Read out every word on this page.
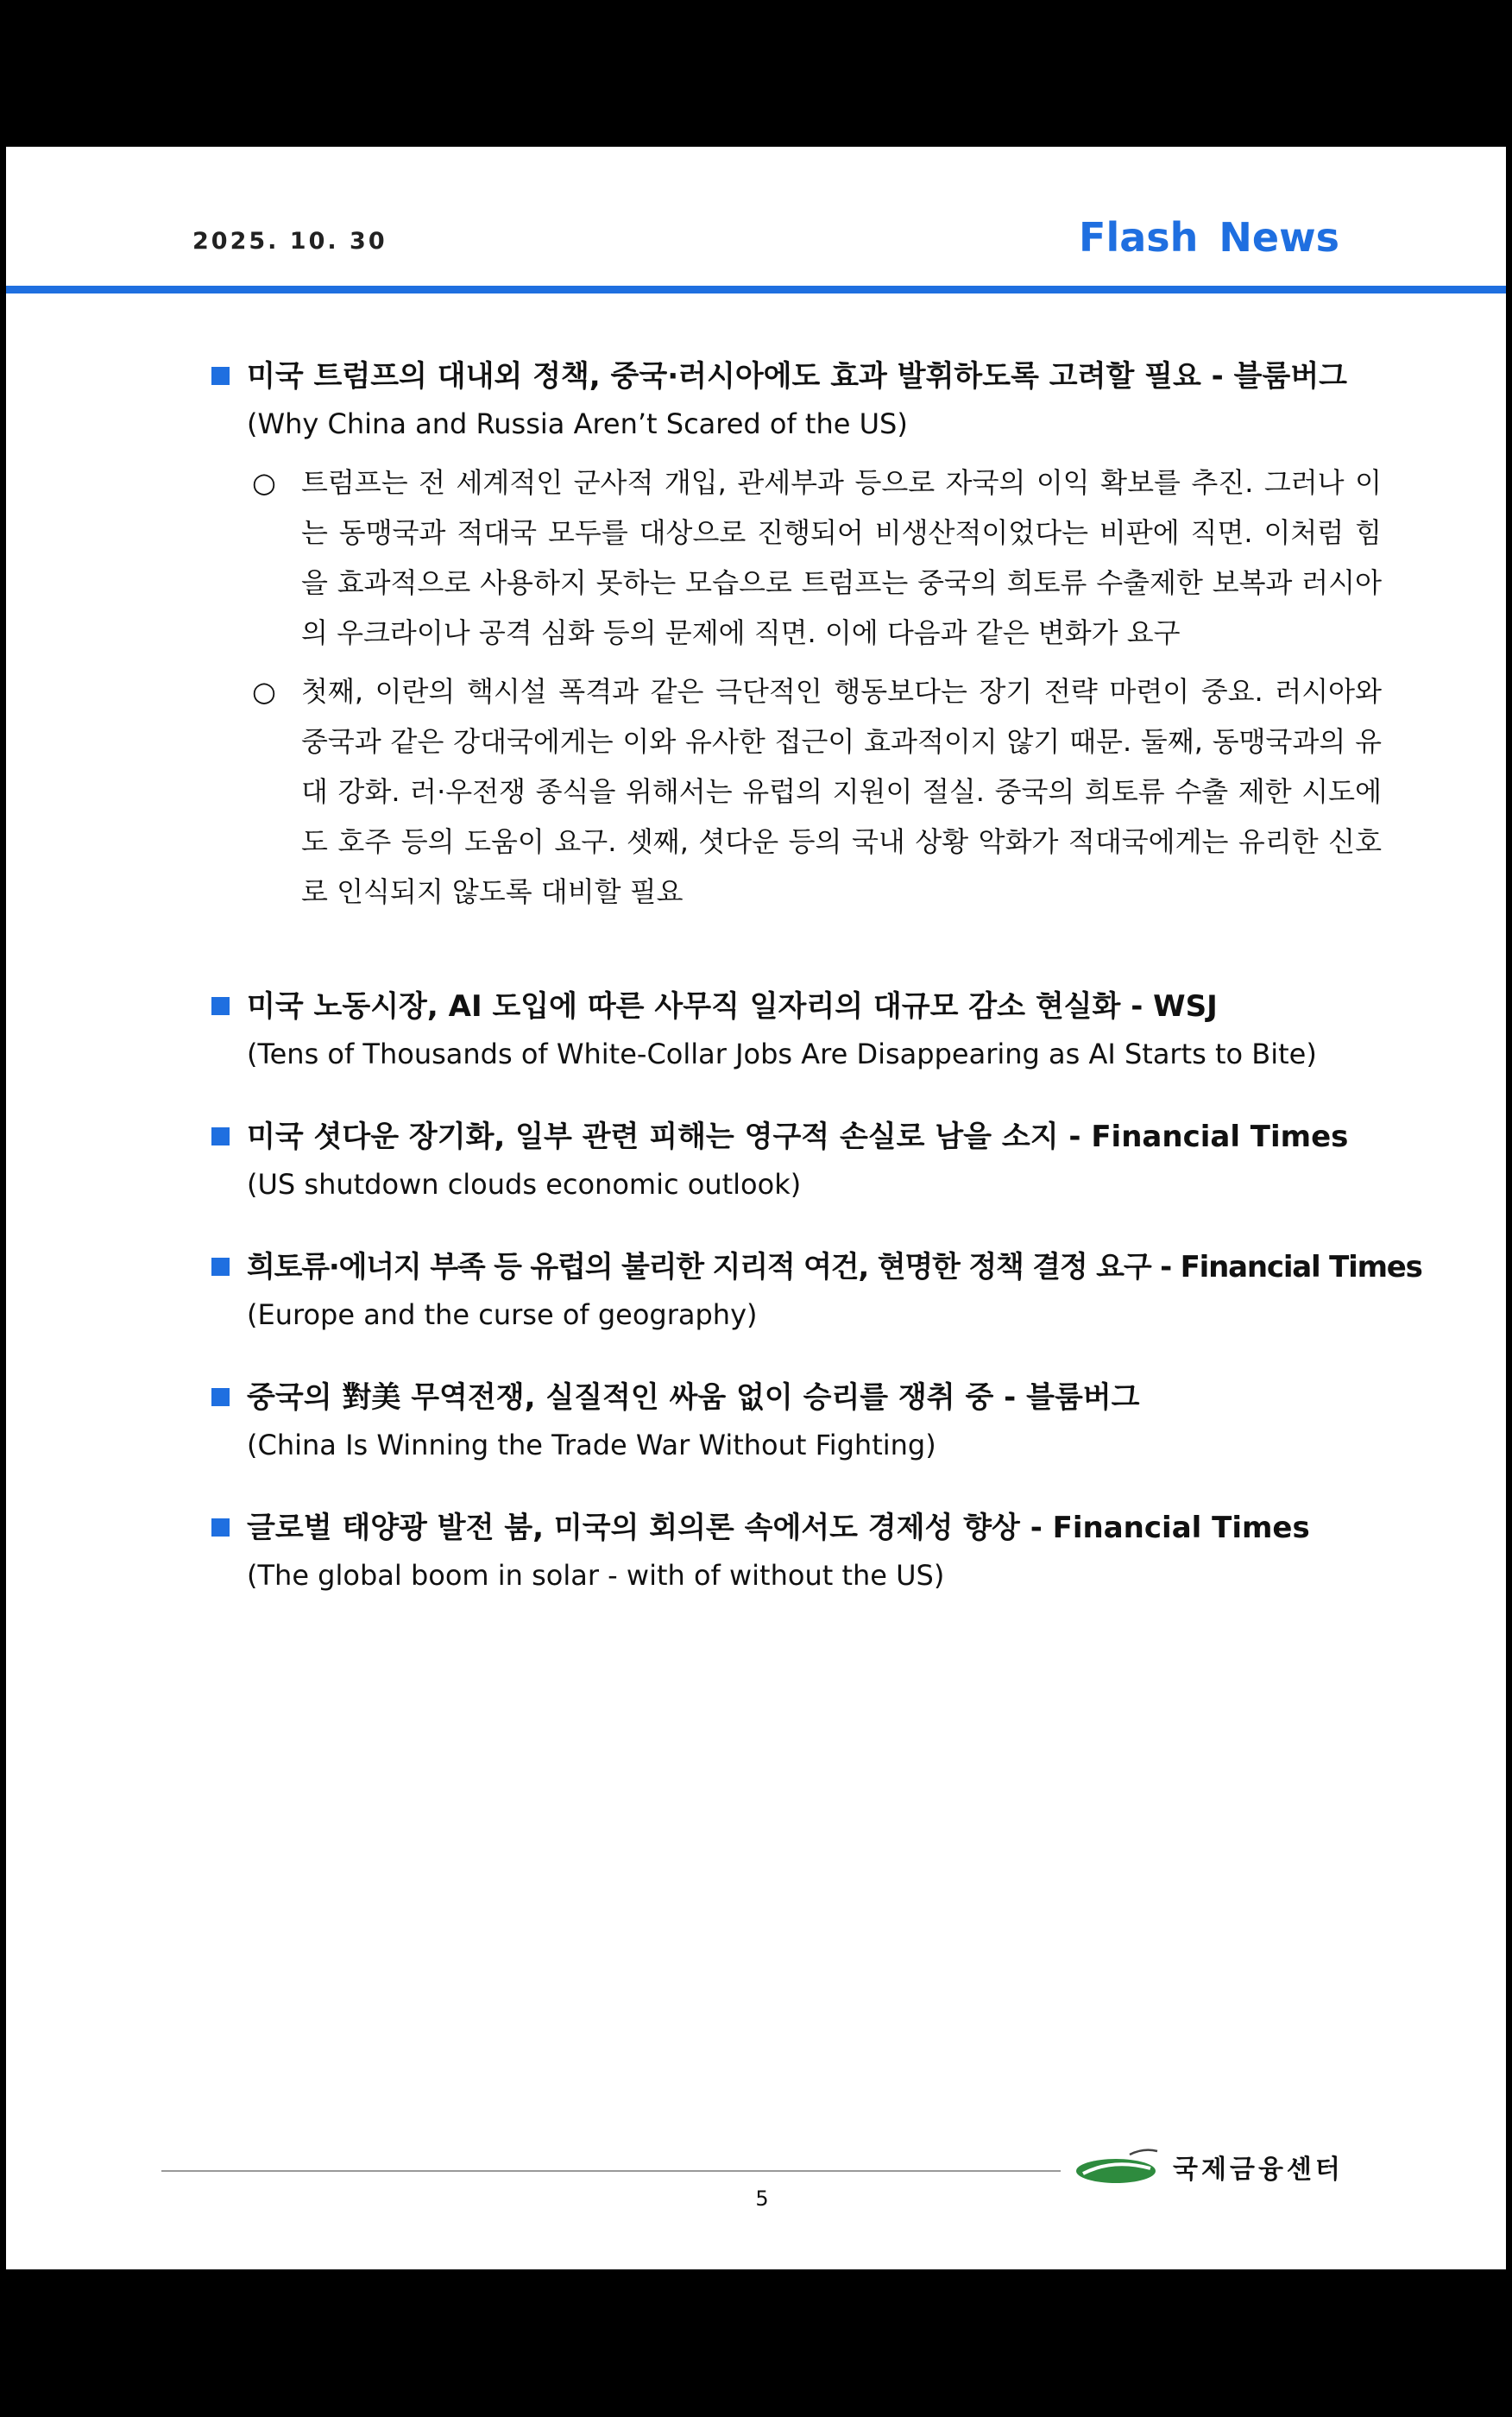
2025. 10. 30	Flash News
미국 트럼프의 대내외 정책, 중국·러시아에도 효과 발휘하도록 고려할 필요 - 블룸버그
(Why China and Russia Aren’t Scared of the US)
○ 트럼프는 전 세계적인 군사적 개입, 관세부과 등으로 자국의 이익 확보를 추진. 그러나 이는 동맹국과 적대국 모두를 대상으로 진행되어 비생산적이었다는 비판에 직면. 이처럼 힘을 효과적으로 사용하지 못하는 모습으로 트럼프는 중국의 희토류 수출제한 보복과 러시아의 우크라이나 공격 심화 등의 문제에 직면. 이에 다음과 같은 변화가 요구
○ 첫째, 이란의 핵시설 폭격과 같은 극단적인 행동보다는 장기 전략 마련이 중요. 러시아와 중국과 같은 강대국에게는 이와 유사한 접근이 효과적이지 않기 때문. 둘째, 동맹국과의 유대 강화. 러·우전쟁 종식을 위해서는 유럽의 지원이 절실. 중국의 희토류 수출 제한 시도에도 호주 등의 도움이 요구. 셋째, 셧다운 등의 국내 상황 악화가 적대국에게는 유리한 신호로 인식되지 않도록 대비할 필요
미국 노동시장, AI 도입에 따른 사무직 일자리의 대규모 감소 현실화 - WSJ
(Tens of Thousands of White-Collar Jobs Are Disappearing as AI Starts to Bite)
미국 셧다운 장기화, 일부 관련 피해는 영구적 손실로 남을 소지 - Financial Times
(US shutdown clouds economic outlook)
희토류·에너지 부족 등 유럽의 불리한 지리적 여건, 현명한 정책 결정 요구 - Financial Times
(Europe and the curse of geography)
중국의 對美 무역전쟁, 실질적인 싸움 없이 승리를 쟁취 중 - 블룸버그
(China Is Winning the Trade War Without Fighting)
글로벌 태양광 발전 붐, 미국의 회의론 속에서도 경제성 향상 - Financial Times
(The global boom in solar - with of without the US)
국제금융센터
5
